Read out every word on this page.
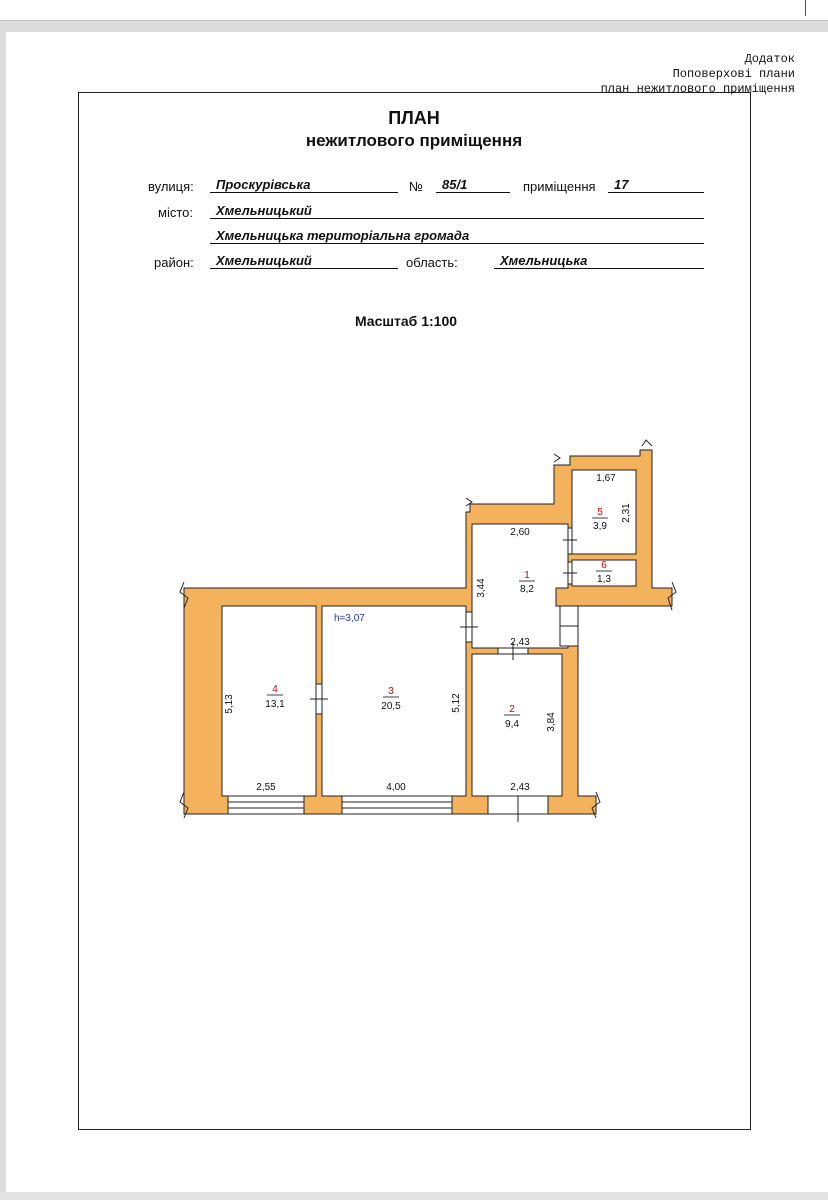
Додаток
Поповерхові плани
план нежитлового приміщення
ПЛАН
нежитлового приміщення
вулиця:	Проскурівська	№	85/1	приміщення	17
місто:	Хмельницький
Хмельницька територіальна громада
район:	Хмельницький	область:	Хмельницька
Масштаб 1:100
1
8,2
2
9,4
3
20,5
4
13,1
5
3,9
6
1,3
h=3,07
1,67
2,31
2,60
3,44
2,43
5,13	5,12
3,84
2,55	4,00	2,43
